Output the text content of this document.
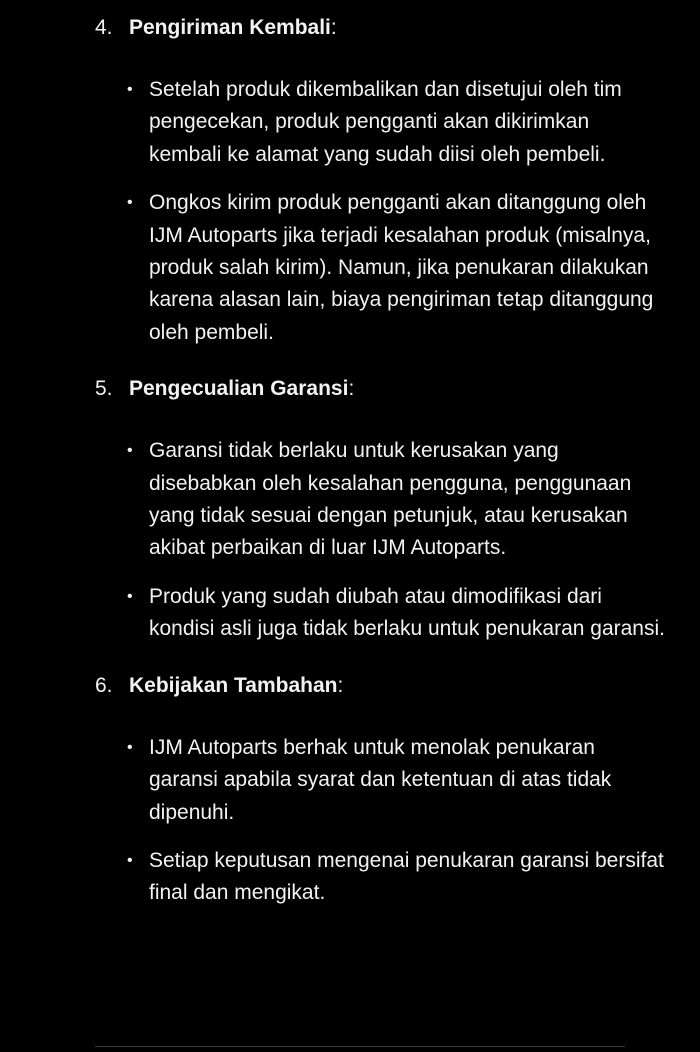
4. Pengiriman Kembali :
• Setelah produk dikembalikan dan disetujui oleh tim pengecekan, produk pengganti akan dikirimkan kembali ke alamat yang sudah diisi oleh pembeli.
• Ongkos kirim produk pengganti akan ditanggung oleh IJM Autoparts jika terjadi kesalahan produk (misalnya, produk salah kirim). Namun, jika penukaran dilakukan karena alasan lain, biaya pengiriman tetap ditanggung oleh pembeli.
5. Pengecualian Garansi :
• Garansi tidak berlaku untuk kerusakan yang disebabkan oleh kesalahan pengguna, penggunaan yang tidak sesuai dengan petunjuk, atau kerusakan akibat perbaikan di luar IJM Autoparts.
• Produk yang sudah diubah atau dimodifikasi dari kondisi asli juga tidak berlaku untuk penukaran garansi.
6. Kebijakan Tambahan :
• IJM Autoparts berhak untuk menolak penukaran garansi apabila syarat dan ketentuan di atas tidak dipenuhi.
• Setiap keputusan mengenai penukaran garansi bersifat final dan mengikat.
